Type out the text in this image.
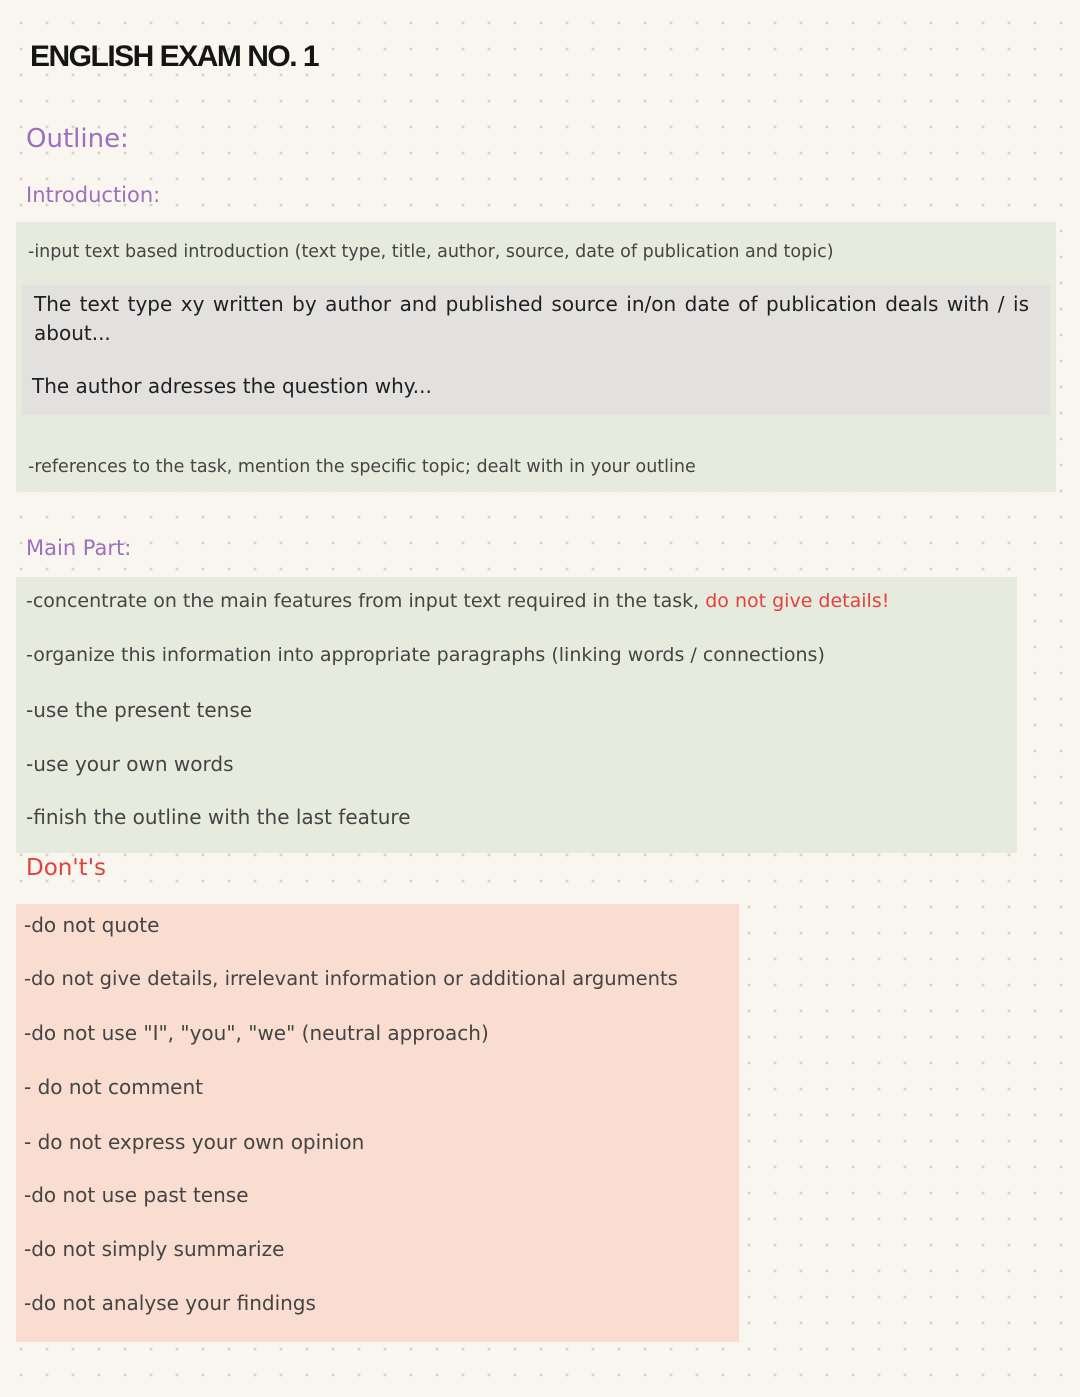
ENGLISH EXAM NO. 1
Outline:
Introduction:
-input text based introduction (text type, title, author, source, date of publication and topic)
The text type xy written by author and published source in/on date of publication deals with / is about...
The author adresses the question why...
-references to the task, mention the specific topic; dealt with in your outline
Main Part:
-concentrate on the main features from input text required in the task, do not give details!
-organize this information into appropriate paragraphs (linking words / connections)
-use the present tense
-use your own words
-finish the outline with the last feature
Don't's
-do not quote
-do not give details, irrelevant information or additional arguments
-do not use "I", "you", "we" (neutral approach)
- do not comment
- do not express your own opinion
-do not use past tense
-do not simply summarize
-do not analyse your findings
